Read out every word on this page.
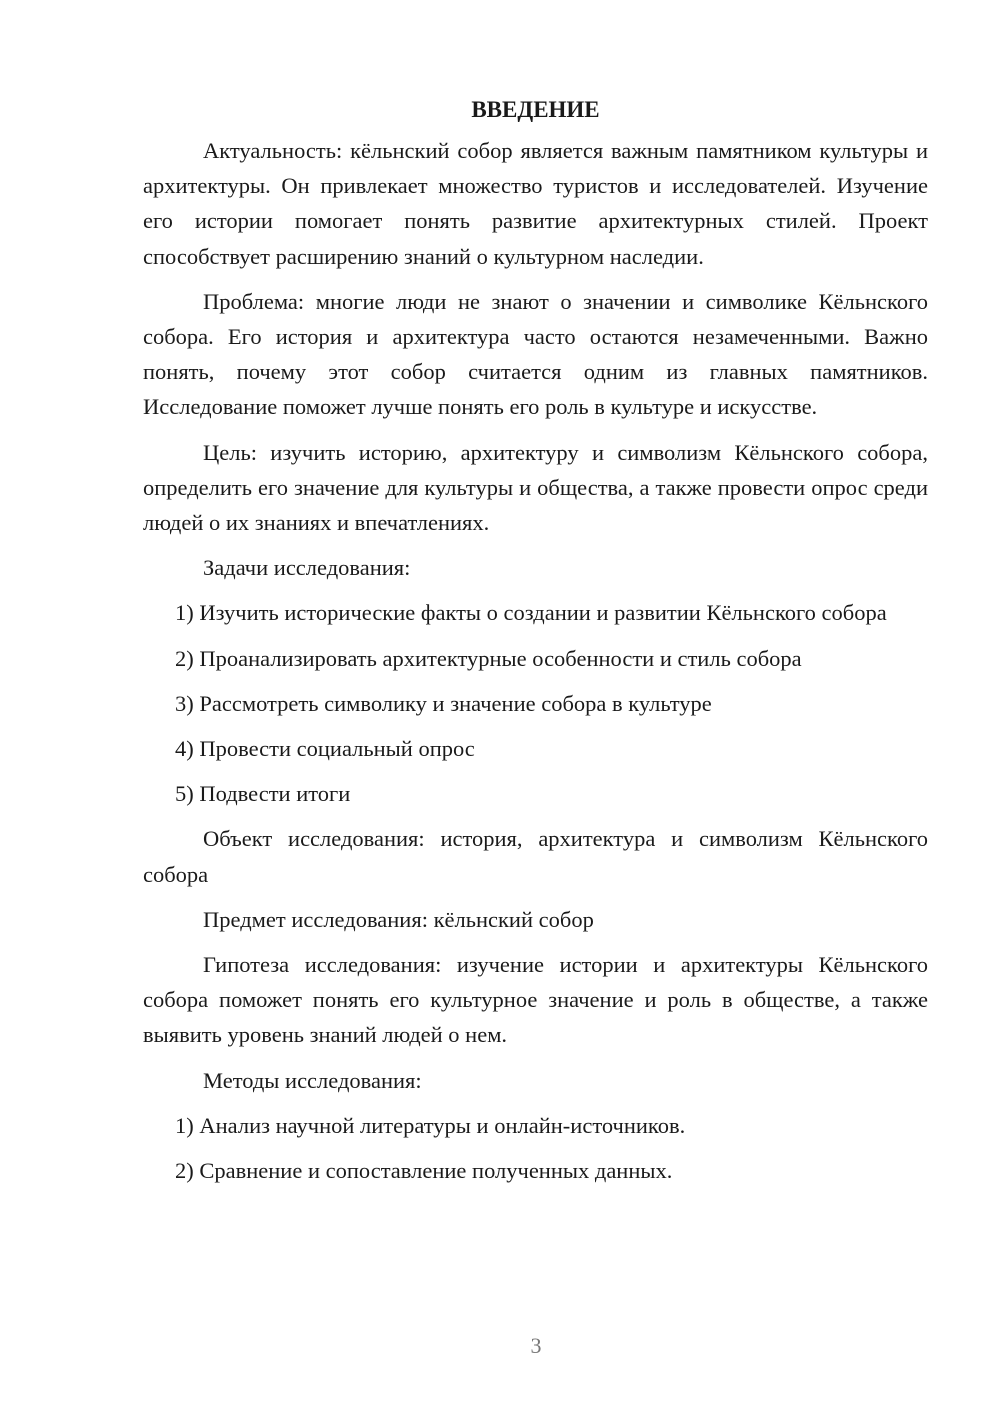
ВВЕДЕНИЕ

Актуальность: кёльнский собор является важным памятником культуры и архитектуры. Он привлекает множество туристов и исследователей. Изучение его истории помогает понять развитие архитектурных стилей. Проект способствует расширению знаний о культурном наследии.

Проблема: многие люди не знают о значении и символике Кёльнского собора. Его история и архитектура часто остаются незамеченными. Важно понять, почему этот собор считается одним из главных памятников. Исследование поможет лучше понять его роль в культуре и искусстве.

Цель: изучить историю, архитектуру и символизм Кёльнского собора, определить его значение для культуры и общества, а также провести опрос среди людей о их знаниях и впечатлениях.

Задачи исследования:

1) Изучить исторические факты о создании и развитии Кёльнского собора

2) Проанализировать архитектурные особенности и стиль собора

3) Рассмотреть символику и значение собора в культуре

4) Провести социальный опрос

5) Подвести итоги

Объект исследования: история, архитектура и символизм Кёльнского собора

Предмет исследования: кёльнский собор

Гипотеза исследования: изучение истории и архитектуры Кёльнского собора поможет понять его культурное значение и роль в обществе, а также выявить уровень знаний людей о нем.

Методы исследования:

1) Анализ научной литературы и онлайн-источников.

2) Сравнение и сопоставление полученных данных.

3
